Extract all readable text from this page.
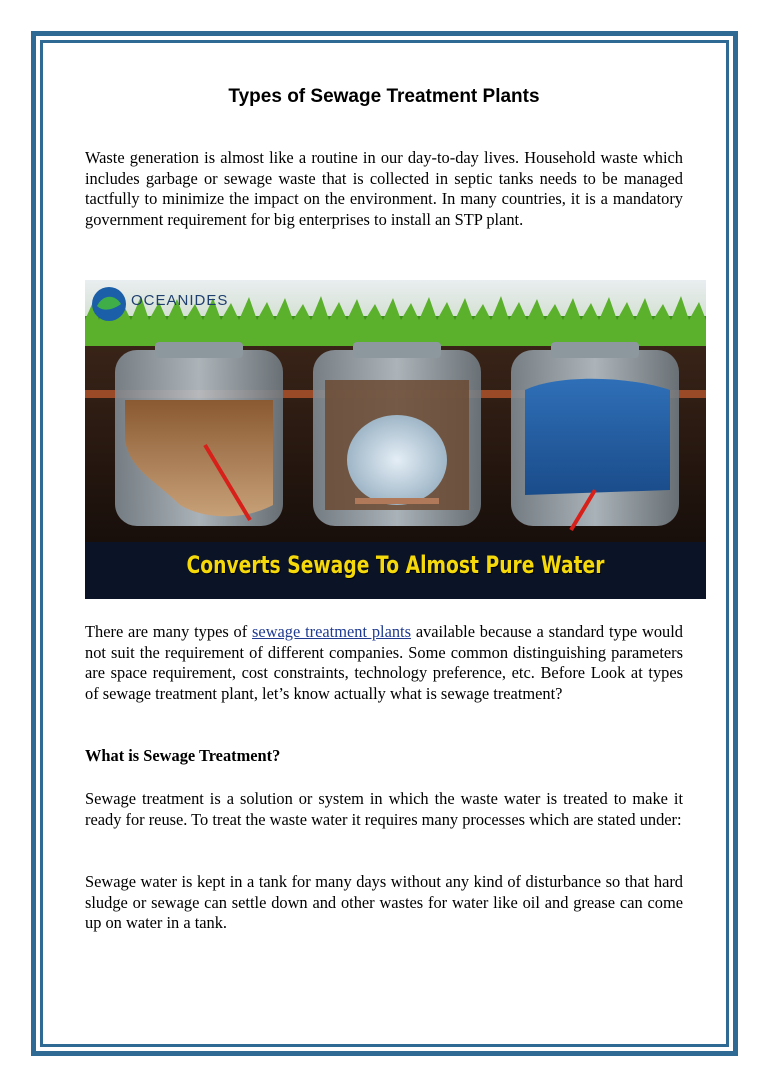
Types of Sewage Treatment Plants

Waste generation is almost like a routine in our day-to-day lives. Household waste which includes garbage or sewage waste that is collected in septic tanks needs to be managed tactfully to minimize the impact on the environment. In many countries, it is a mandatory government requirement for big enterprises to install an STP plant.

OCEANIDES
Converts Sewage To Almost Pure Water

There are many types of sewage treatment plants available because a standard type would not suit the requirement of different companies. Some common distinguishing parameters are space requirement, cost constraints, technology preference, etc. Before Look at types of sewage treatment plant, let’s know actually what is sewage treatment?

What is Sewage Treatment?

Sewage treatment is a solution or system in which the waste water is treated to make it ready for reuse. To treat the waste water it requires many processes which are stated under:

Sewage water is kept in a tank for many days without any kind of disturbance so that hard sludge or sewage can settle down and other wastes for water like oil and grease can come up on water in a tank.
